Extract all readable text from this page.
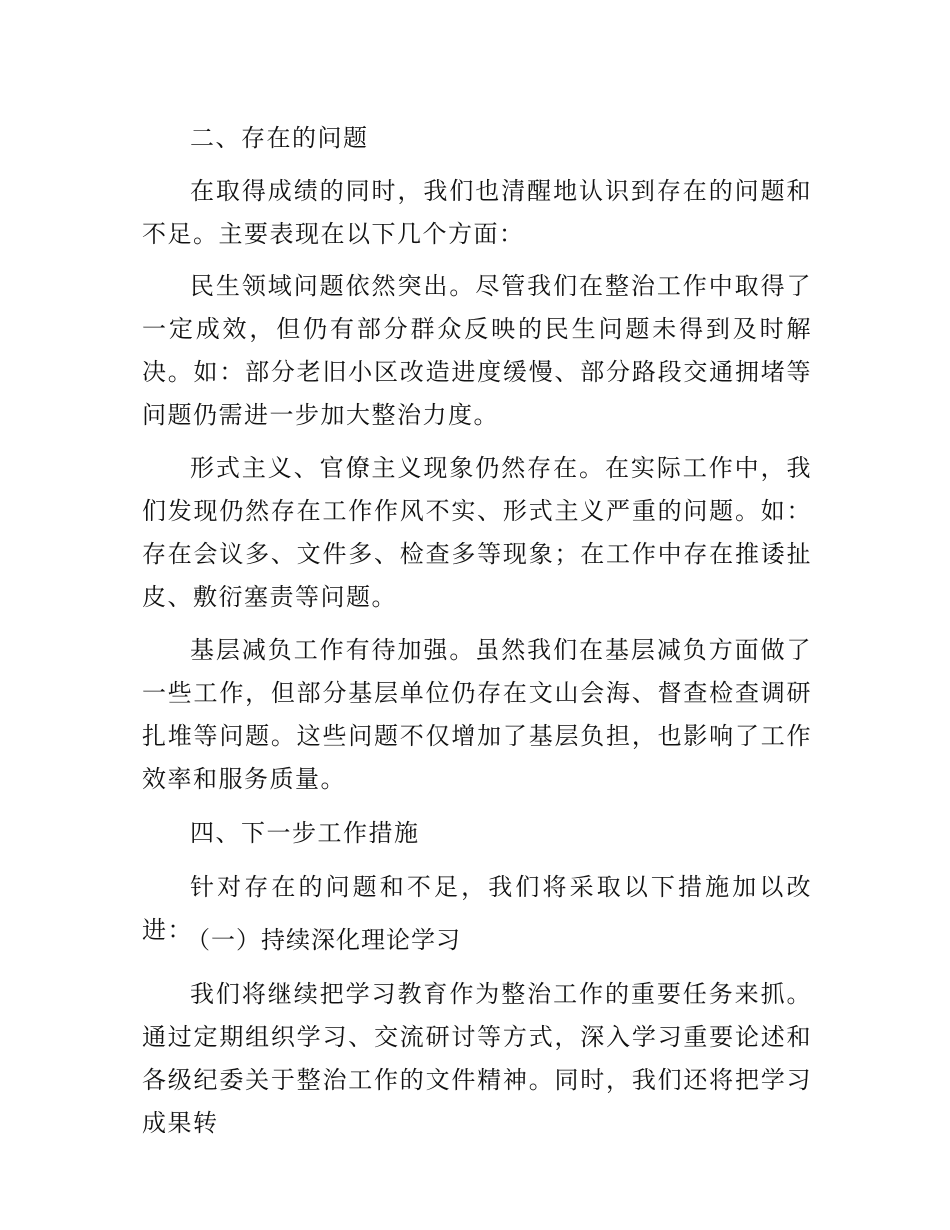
二、存在的问题

在取得成绩的同时，我们也清醒地认识到存在的问题和不足。主要表现在以下几个方面：

民生领域问题依然突出。尽管我们在整治工作中取得了一定成效，但仍有部分群众反映的民生问题未得到及时解决。如：部分老旧小区改造进度缓慢、部分路段交通拥堵等问题仍需进一步加大整治力度。

形式主义、官僚主义现象仍然存在。在实际工作中，我们发现仍然存在工作作风不实、形式主义严重的问题。如：存在会议多、文件多、检查多等现象；在工作中存在推诿扯皮、敷衍塞责等问题。

基层减负工作有待加强。虽然我们在基层减负方面做了一些工作，但部分基层单位仍存在文山会海、督查检查调研扎堆等问题。这些问题不仅增加了基层负担，也影响了工作效率和服务质量。

四、下一步工作措施

针对存在的问题和不足，我们将采取以下措施加以改进：

（一）持续深化理论学习

我们将继续把学习教育作为整治工作的重要任务来抓。通过定期组织学习、交流研讨等方式，深入学习重要论述和各级纪委关于整治工作的文件精神。同时，我们还将把学习成果转
